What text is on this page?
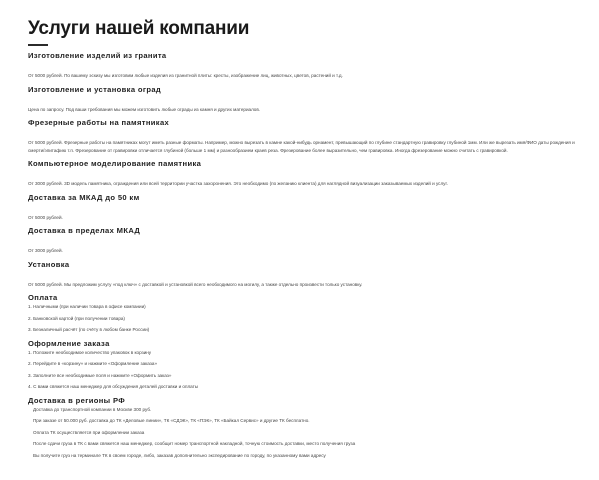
Услуги нашей компании
Изготовление изделий из гранита

От 5000 рублей. По вашему эскизу мы изготовим любые изделия из гранитной плиты: кресты, изображение лиц, животных, цветов, растений и т.д.

Изготовление и установка оград

Цена по запросу. Под ваши требования мы можем изготовить любые ограды из камня и других материалов.

Фрезерные работы на памятниках

От 5000 рублей. Фрезерные работы на памятниках могут иметь разные форматы. Например, можно вырезать в камне какой-нибудь орнамент, превышающий по глубине стандартную гравировку глубиной 1мм. Или же вырезать имя/ФИО даты рождения и смерти/эпитафию т.п. Фрезерование от гравировки отличается глубиной (больше 1 мм) и разнообразием краев реза. Фрезерование более выразительно, чем гравировка. Иногда фрезерование можно считать с гравировкой.

Компьютерное моделирование памятника

От 3000 рублей. 3D модель памятника, ограждения или всей территории участка захоронения. Это необходимо (по желанию клиента) для наглядной визуализации заказываемых изделий и услуг.

Доставка за МКАД до 50 км

От 5000 рублей.

Доставка в пределах МКАД

От 3000 рублей.

Установка

От 5000 рублей. Мы предложим услугу «под ключ» с доставкой и установкой всего необходимого на могилу, а также отдельно произвести только установку.

Оплата
1. Наличными (при наличии товара в офисе компании)
2. Банковской картой (при получении товара)
3. Безналичный расчёт (по счёту в любом банке России)
Оформление заказа
1. Положите необходимое количество упаковок в корзину
2. Перейдите в «корзину» и нажмите «Оформление заказа»
3. Заполните все необходимые поля и нажмите «Оформить заказ»
4. С вами свяжется наш менеджер для обсуждения деталей доставки и оплаты
Доставка в регионы РФ
Доставка до транспортной компании в Москве 300 руб.
При заказе от 50.000 руб. доставка до ТК «Деловые линии», ТК «СДЭК», ТК «ПЭК», ТК «Байкал Сервис» и другие ТК бесплатно.
Оплата ТК осуществляется при оформлении заказа
После сдачи груза в ТК с вами свяжется наш менеджер, сообщит номер транспортной накладной, точную стоимость доставки, место получения груза
Вы получите груз на терминале ТК в своем городе, либо, заказав дополнительно экспедирование по городу, по указанному вами адресу
